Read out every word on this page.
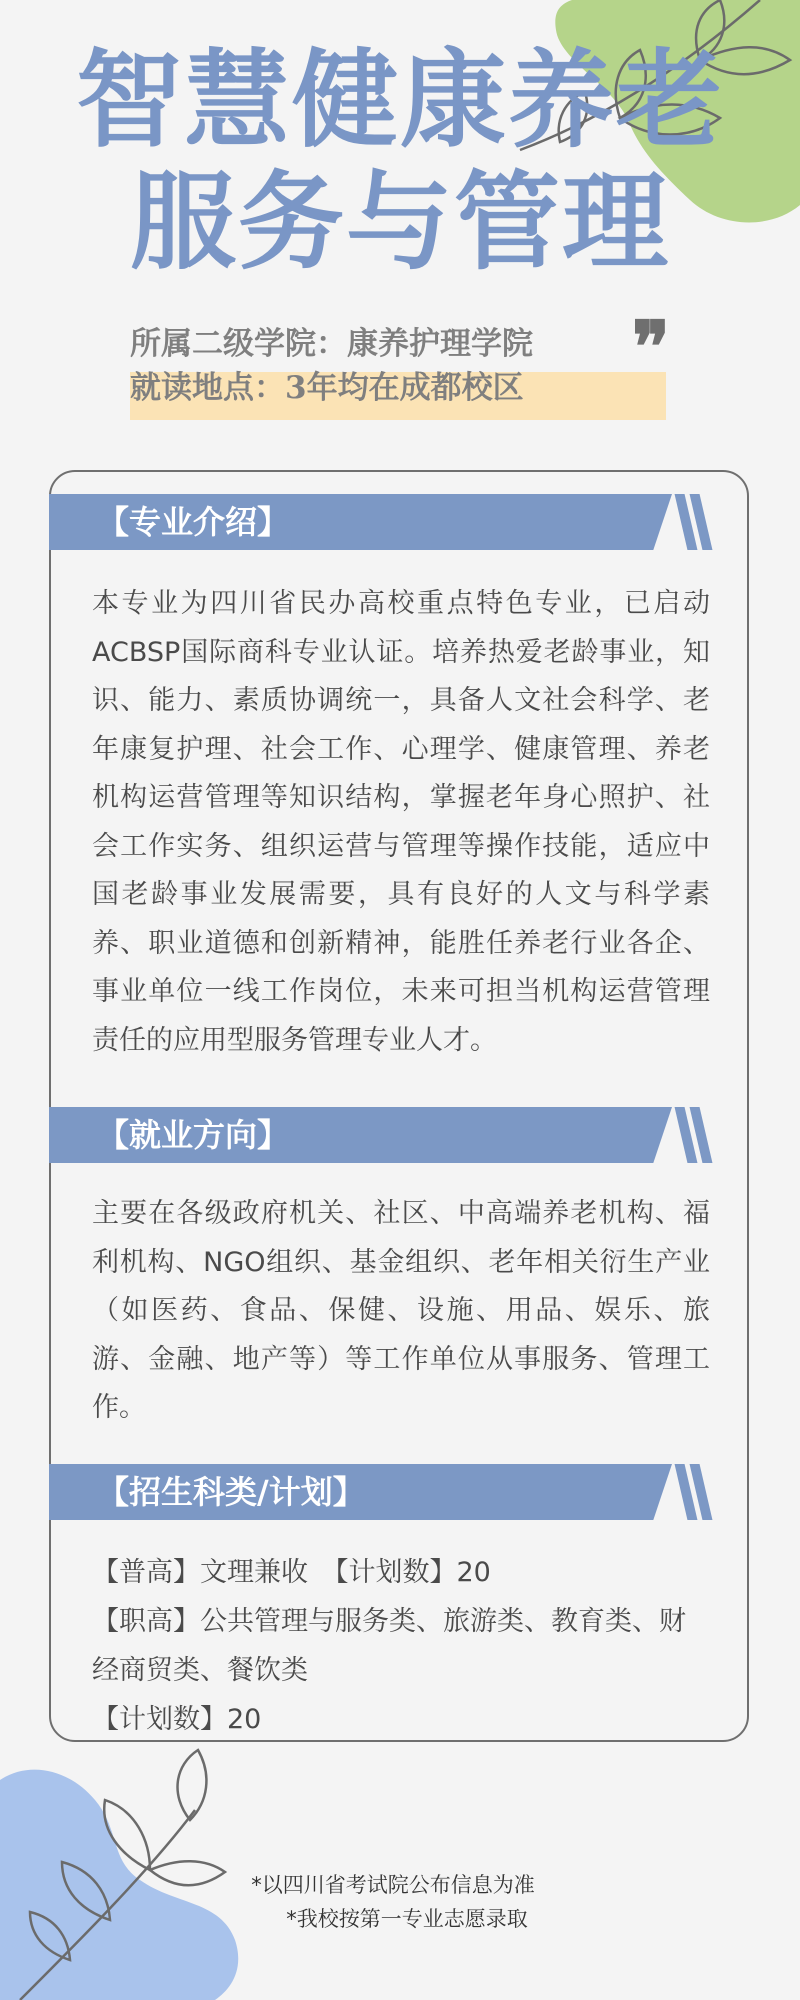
智慧健康养老
服务与管理
所属二级学院：康养护理学院
就读地点：3年均在成都校区 ❞
【专业介绍】

本专业为四川省民办高校重点特色专业，已启动ACBSP国际商科专业认证。培养热爱老龄事业，知识、能力、素质协调统一，具备人文社会科学、老年康复护理、社会工作、心理学、健康管理、养老机构运营管理等知识结构，掌握老年身心照护、社会工作实务、组织运营与管理等操作技能，适应中国老龄事业发展需要，具有良好的人文与科学素养、职业道德和创新精神，能胜任养老行业各企、事业单位一线工作岗位，未来可担当机构运营管理责任的应用型服务管理专业人才。

【就业方向】

主要在各级政府机关、社区、中高端养老机构、福利机构、NGO组织、基金组织、老年相关衍生产业（如医药、食品、保健、设施、用品、娱乐、旅游、金融、地产等）等工作单位从事服务、管理工作。

【招生科类/计划】
【普高】文理兼收　【计划数】20
【职高】公共管理与服务类、旅游类、教育类、财经商贸类、餐饮类
【计划数】20
*以四川省考试院公布信息为准
*我校按第一专业志愿录取
